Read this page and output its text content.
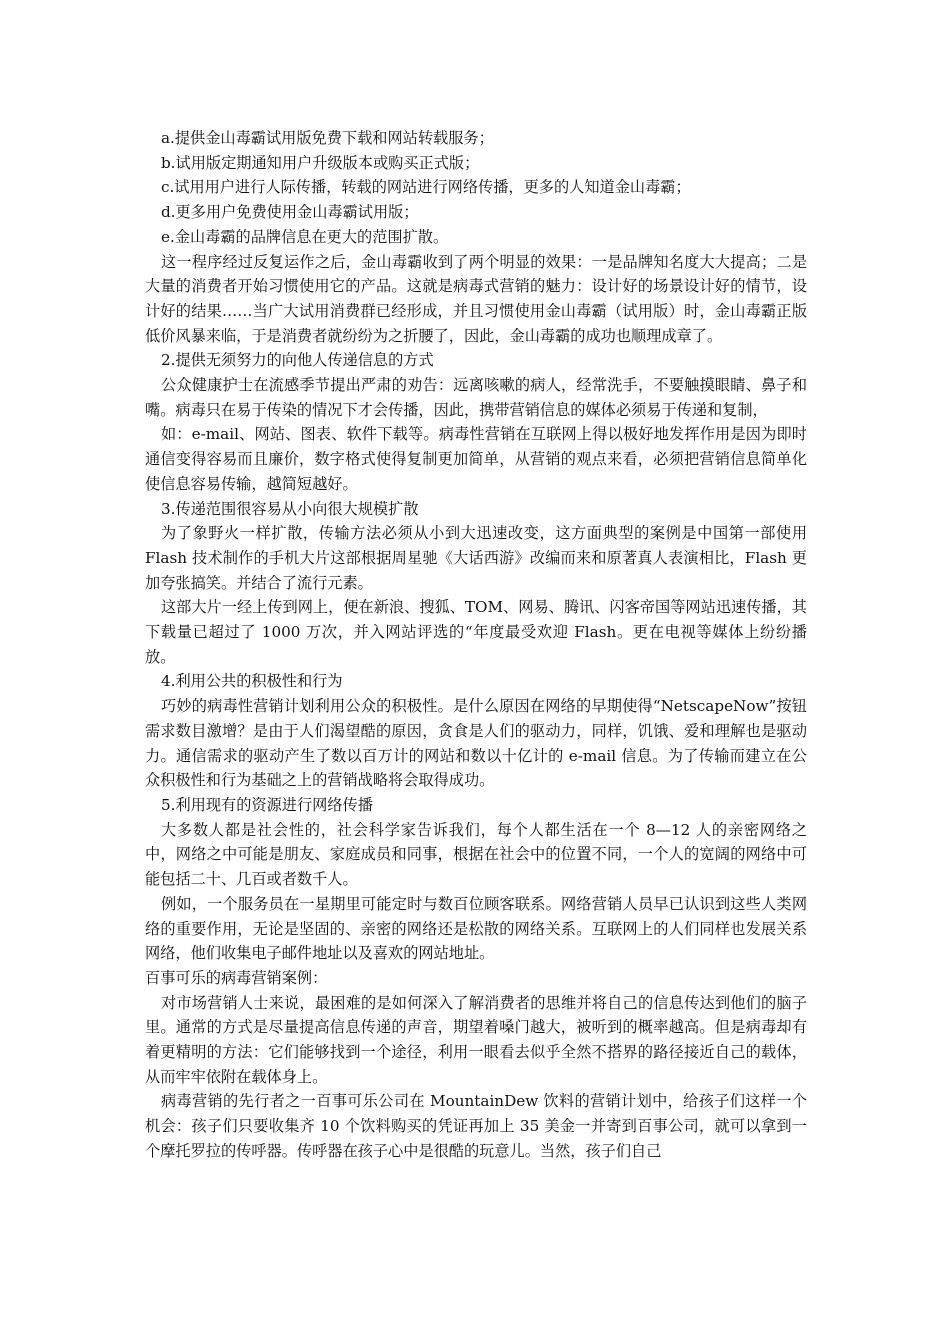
a.提供金山毒霸试用版免费下载和网站转载服务；

b.试用版定期通知用户升级版本或购买正式版；

c.试用用户进行人际传播，转载的网站进行网络传播，更多的人知道金山毒霸；

d.更多用户免费使用金山毒霸试用版；

e.金山毒霸的品牌信息在更大的范围扩散。

这一程序经过反复运作之后，金山毒霸收到了两个明显的效果：一是品牌知名度大大提高；二是大量的消费者开始习惯使用它的产品。这就是病毒式营销的魅力：设计好的场景设计好的情节，设计好的结果……当广大试用消费群已经形成，并且习惯使用金山毒霸（试用版）时，金山毒霸正版低价风暴来临，于是消费者就纷纷为之折腰了，因此，金山毒霸的成功也顺理成章了。

2.提供无须努力的向他人传递信息的方式

公众健康护士在流感季节提出严肃的劝告：远离咳嗽的病人，经常洗手，不要触摸眼睛、鼻子和嘴。病毒只在易于传染的情况下才会传播，因此，携带营销信息的媒体必须易于传递和复制，

如：e-mail、网站、图表、软件下载等。病毒性营销在互联网上得以极好地发挥作用是因为即时通信变得容易而且廉价，数字格式使得复制更加简单，从营销的观点来看，必须把营销信息简单化使信息容易传输，越简短越好。

3.传递范围很容易从小向很大规模扩散

为了象野火一样扩散，传输方法必须从小到大迅速改变，这方面典型的案例是中国第一部使用 Flash 技术制作的手机大片这部根据周星驰《大话西游》改编而来和原著真人表演相比，Flash 更加夸张搞笑。并结合了流行元素。

这部大片一经上传到网上，便在新浪、搜狐、TOM、网易、腾讯、闪客帝国等网站迅速传播，其下载量已超过了 1000 万次，并入网站评选的“年度最受欢迎 Flash。更在电视等媒体上纷纷播放。

4.利用公共的积极性和行为

巧妙的病毒性营销计划利用公众的积极性。是什么原因在网络的早期使得“NetscapeNow”按钮需求数目激增？是由于人们渴望酷的原因，贪食是人们的驱动力，同样，饥饿、爱和理解也是驱动力。通信需求的驱动产生了数以百万计的网站和数以十亿计的 e-mail 信息。为了传输而建立在公众积极性和行为基础之上的营销战略将会取得成功。

5.利用现有的资源进行网络传播

大多数人都是社会性的，社会科学家告诉我们，每个人都生活在一个 8—12 人的亲密网络之中，网络之中可能是朋友、家庭成员和同事，根据在社会中的位置不同，一个人的宽阔的网络中可能包括二十、几百或者数千人。

例如，一个服务员在一星期里可能定时与数百位顾客联系。网络营销人员早已认识到这些人类网络的重要作用，无论是坚固的、亲密的网络还是松散的网络关系。互联网上的人们同样也发展关系网络，他们收集电子邮件地址以及喜欢的网站地址。

百事可乐的病毒营销案例：

对市场营销人士来说，最困难的是如何深入了解消费者的思维并将自己的信息传达到他们的脑子里。通常的方式是尽量提高信息传递的声音，期望着嗓门越大，被听到的概率越高。但是病毒却有着更精明的方法：它们能够找到一个途径，利用一眼看去似乎全然不搭界的路径接近自己的载体，从而牢牢依附在载体身上。

病毒营销的先行者之一百事可乐公司在 MountainDew 饮料的营销计划中，给孩子们这样一个机会：孩子们只要收集齐 10 个饮料购买的凭证再加上 35 美金一并寄到百事公司，就可以拿到一个摩托罗拉的传呼器。传呼器在孩子心中是很酷的玩意儿。当然，孩子们自己
